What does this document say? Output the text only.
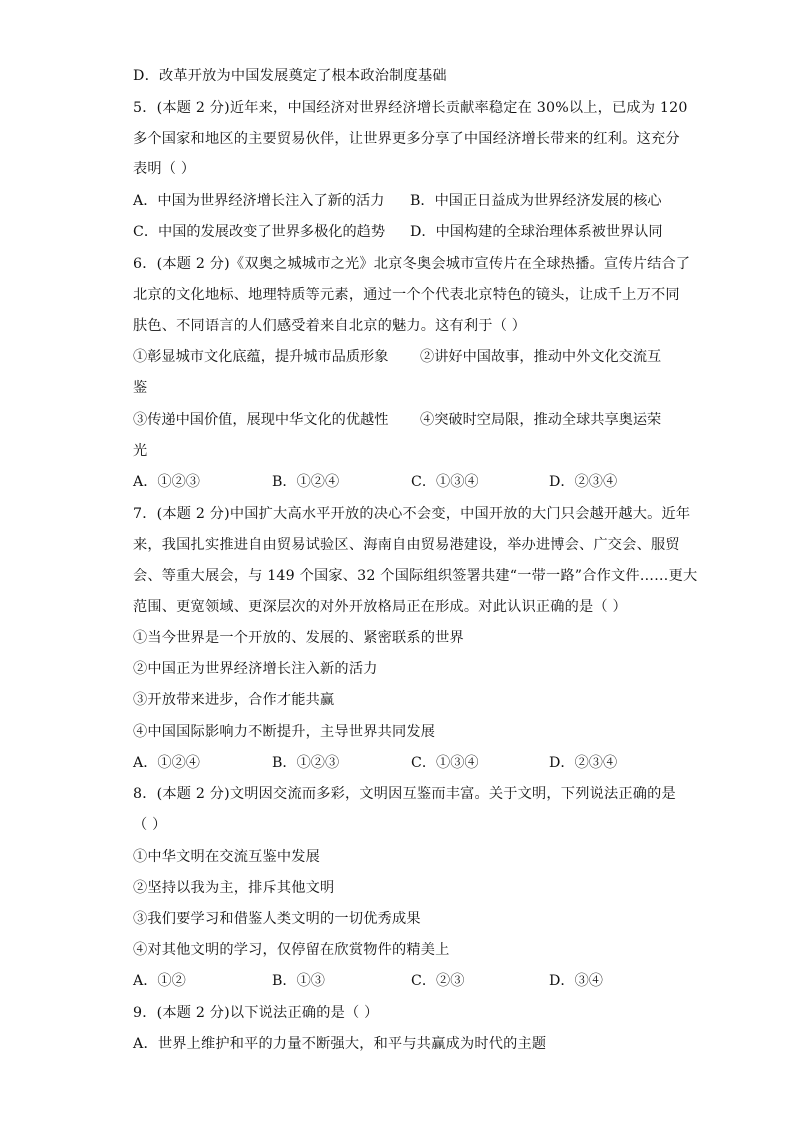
D．改革开放为中国发展奠定了根本政治制度基础
5．(本题 2 分)近年来，中国经济对世界经济增长贡献率稳定在 30%以上，已成为 120
多个国家和地区的主要贸易伙伴，让世界更多分享了中国经济增长带来的红利。这充分
表明（ ）
A．中国为世界经济增长注入了新的活力 B．中国正日益成为世界经济发展的核心
C．中国的发展改变了世界多极化的趋势 D．中国构建的全球治理体系被世界认同
6．(本题 2 分)《双奥之城城市之光》北京冬奥会城市宣传片在全球热播。宣传片结合了
北京的文化地标、地理特质等元素，通过一个个代表北京特色的镜头，让成千上万不同
肤色、不同语言的人们感受着来自北京的魅力。这有利于（ ）
①彰显城市文化底蕴，提升城市品质形象 ②讲好中国故事，推动中外文化交流互
鉴
③传递中国价值，展现中华文化的优越性 ④突破时空局限，推动全球共享奥运荣
光
A．①②③	B．①②④	C．①③④	D．②③④
7．(本题 2 分)中国扩大高水平开放的决心不会变，中国开放的大门只会越开越大。近年
来，我国扎实推进自由贸易试验区、海南自由贸易港建设，举办进博会、广交会、服贸
会、等重大展会，与 149 个国家、32 个国际组织签署共建“一带一路”合作文件……更大
范围、更宽领域、更深层次的对外开放格局正在形成。对此认识正确的是（ ）
①当今世界是一个开放的、发展的、紧密联系的世界
②中国正为世界经济增长注入新的活力
③开放带来进步，合作才能共赢
④中国国际影响力不断提升，主导世界共同发展
A．①②④	B．①②③	C．①③④	D．②③④
8．(本题 2 分)文明因交流而多彩，文明因互鉴而丰富。关于文明，下列说法正确的是
（ ）
①中华文明在交流互鉴中发展
②坚持以我为主，排斥其他文明
③我们要学习和借鉴人类文明的一切优秀成果
④对其他文明的学习，仅停留在欣赏物件的精美上
A．①②	B．①③	C．②③	D．③④
9．(本题 2 分)以下说法正确的是（ ）
A．世界上维护和平的力量不断强大，和平与共赢成为时代的主题
